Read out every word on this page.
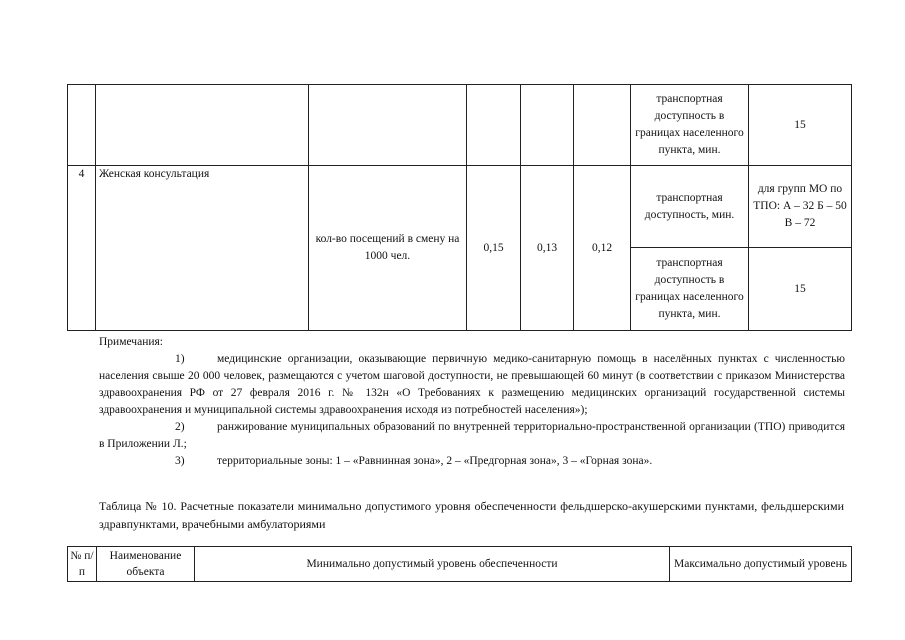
						транспортная доступность в границах населенного пункта, мин.	15
4	Женская консультация	кол-во посещений в смену на 1000 чел.	0,15	0,13	0,12	транспортная доступность, мин.	для групп МО по ТПО: А – 32 Б – 50 В – 72
						транспортная доступность в границах населенного пункта, мин.	15

Примечания:

1)	медицинские организации, оказывающие первичную медико-санитарную помощь в населённых пунктах с численностью населения свыше 20 000 человек, размещаются с учетом шаговой доступности, не превышающей 60 минут (в соответствии с приказом Министерства здравоохранения РФ от 27 февраля 2016 г. № 132н «О Требованиях к размещению медицинских организаций государственной системы здравоохранения и муниципальной системы здравоохранения исходя из потребностей населения»);

2)	ранжирование муниципальных образований по внутренней территориально-пространственной организации (ТПО) приводится в Приложении Л.;

3)	территориальные зоны: 1 – «Равнинная зона», 2 – «Предгорная зона», 3 – «Горная зона».

Таблица № 10. Расчетные показатели минимально допустимого уровня обеспеченности фельдшерско-акушерскими пунктами, фельдшерскими здравпунктами, врачебными амбулаториями

№ п/п	Наименование объекта	Минимально допустимый уровень обеспеченности	Максимально допустимый уровень
